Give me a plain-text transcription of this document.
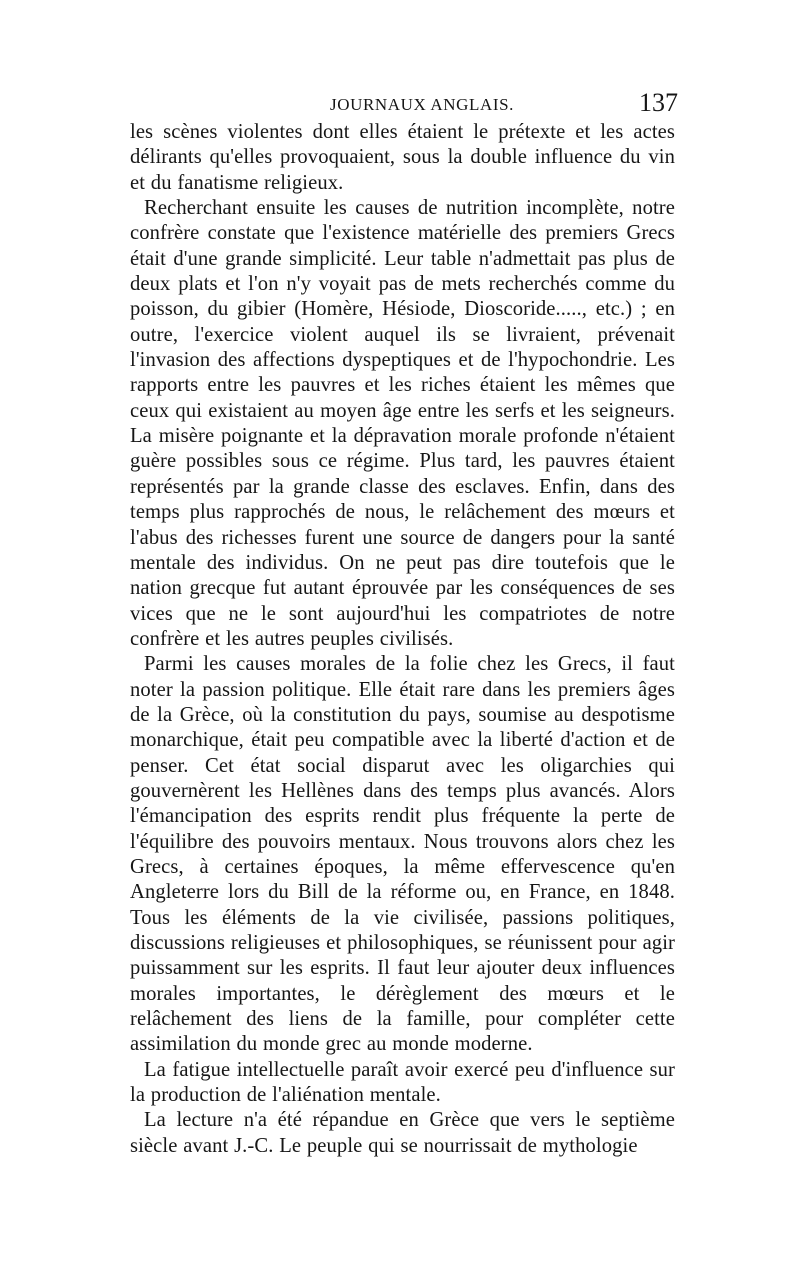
JOURNAUX ANGLAIS.	137

les scènes violentes dont elles étaient le prétexte et les actes délirants qu'elles provoquaient, sous la double influence du vin et du fanatisme religieux.

Recherchant ensuite les causes de nutrition incomplète, notre confrère constate que l'existence matérielle des premiers Grecs était d'une grande simplicité. Leur table n'admettait pas plus de deux plats et l'on n'y voyait pas de mets recherchés comme du poisson, du gibier (Homère, Hésiode, Dioscoride....., etc.) ; en outre, l'exercice violent auquel ils se livraient, prévenait l'invasion des affections dyspeptiques et de l'hypochondrie. Les rapports entre les pauvres et les riches étaient les mêmes que ceux qui existaient au moyen âge entre les serfs et les seigneurs. La misère poignante et la dépravation morale profonde n'étaient guère possibles sous ce régime. Plus tard, les pauvres étaient représentés par la grande classe des esclaves. Enfin, dans des temps plus rapprochés de nous, le relâchement des mœurs et l'abus des richesses furent une source de dangers pour la santé mentale des individus. On ne peut pas dire toutefois que le nation grecque fut autant éprouvée par les conséquences de ses vices que ne le sont aujourd'hui les compatriotes de notre confrère et les autres peuples civilisés.

Parmi les causes morales de la folie chez les Grecs, il faut noter la passion politique. Elle était rare dans les premiers âges de la Grèce, où la constitution du pays, soumise au despotisme monarchique, était peu compatible avec la liberté d'action et de penser. Cet état social disparut avec les oligarchies qui gouvernèrent les Hellènes dans des temps plus avancés. Alors l'émancipation des esprits rendit plus fréquente la perte de l'équilibre des pouvoirs mentaux. Nous trouvons alors chez les Grecs, à certaines époques, la même effervescence qu'en Angleterre lors du Bill de la réforme ou, en France, en 1848. Tous les éléments de la vie civilisée, passions politiques, discussions religieuses et philosophiques, se réunissent pour agir puissamment sur les esprits. Il faut leur ajouter deux influences morales importantes, le dérèglement des mœurs et le relâchement des liens de la famille, pour compléter cette assimilation du monde grec au monde moderne.

La fatigue intellectuelle paraît avoir exercé peu d'influence sur la production de l'aliénation mentale.

La lecture n'a été répandue en Grèce que vers le septième siècle avant J.-C. Le peuple qui se nourrissait de mythologie
